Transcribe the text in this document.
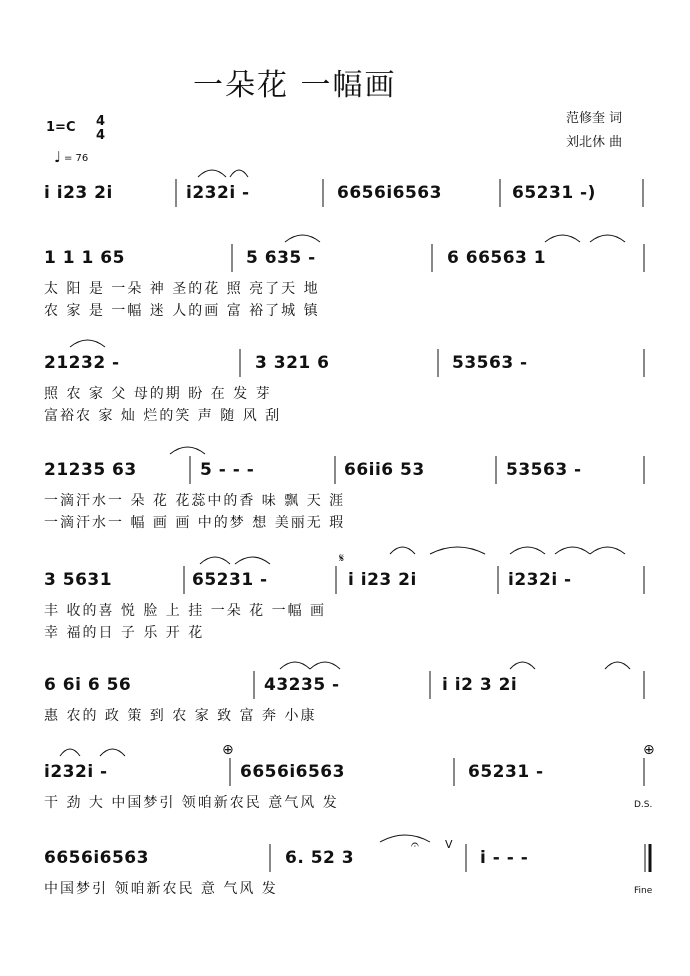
一朵花 一幅画
范修奎 词
刘北休 曲
1=C 4
4
♩ = 76
𝄋
⊕	⊕
𝄐 V
i i23 2i	i232i -	6656i6563	65231 -)
1 1 1 65	5 635 -	6 66563 1
太 阳 是 一朵 神 圣的花 照 亮了天 地
农 家 是 一幅 迷 人的画 富 裕了城 镇
21232 -	3 321 6	53563 -
照 农 家 父 母的期 盼 在 发 芽
富裕农 家 灿 烂的笑 声 随 风 刮
21235 63	5 - - -	66ii6 53	53563 -
一滴汗水一 朵 花 花蕊中的香 味 飘 天 涯
一滴汗水一 幅 画 画 中的梦 想 美丽无 瑕
3 5631	65231 -	i i23 2i	i232i -
丰 收的喜 悦 脸 上 挂 一朵 花 一幅 画
幸 福的日 子 乐 开 花
6 6i 6 56	43235 -	i i2 3 2i
惠 农的 政 策 到 农 家 致 富 奔 小康
i232i -	6656i6563	65231 -
干 劲 大 中国梦引 领咱新农民 意气风 发	D.S.
6656i6563	6. 52 3	i - - -
中国梦引 领咱新农民 意 气风 发	Fine
